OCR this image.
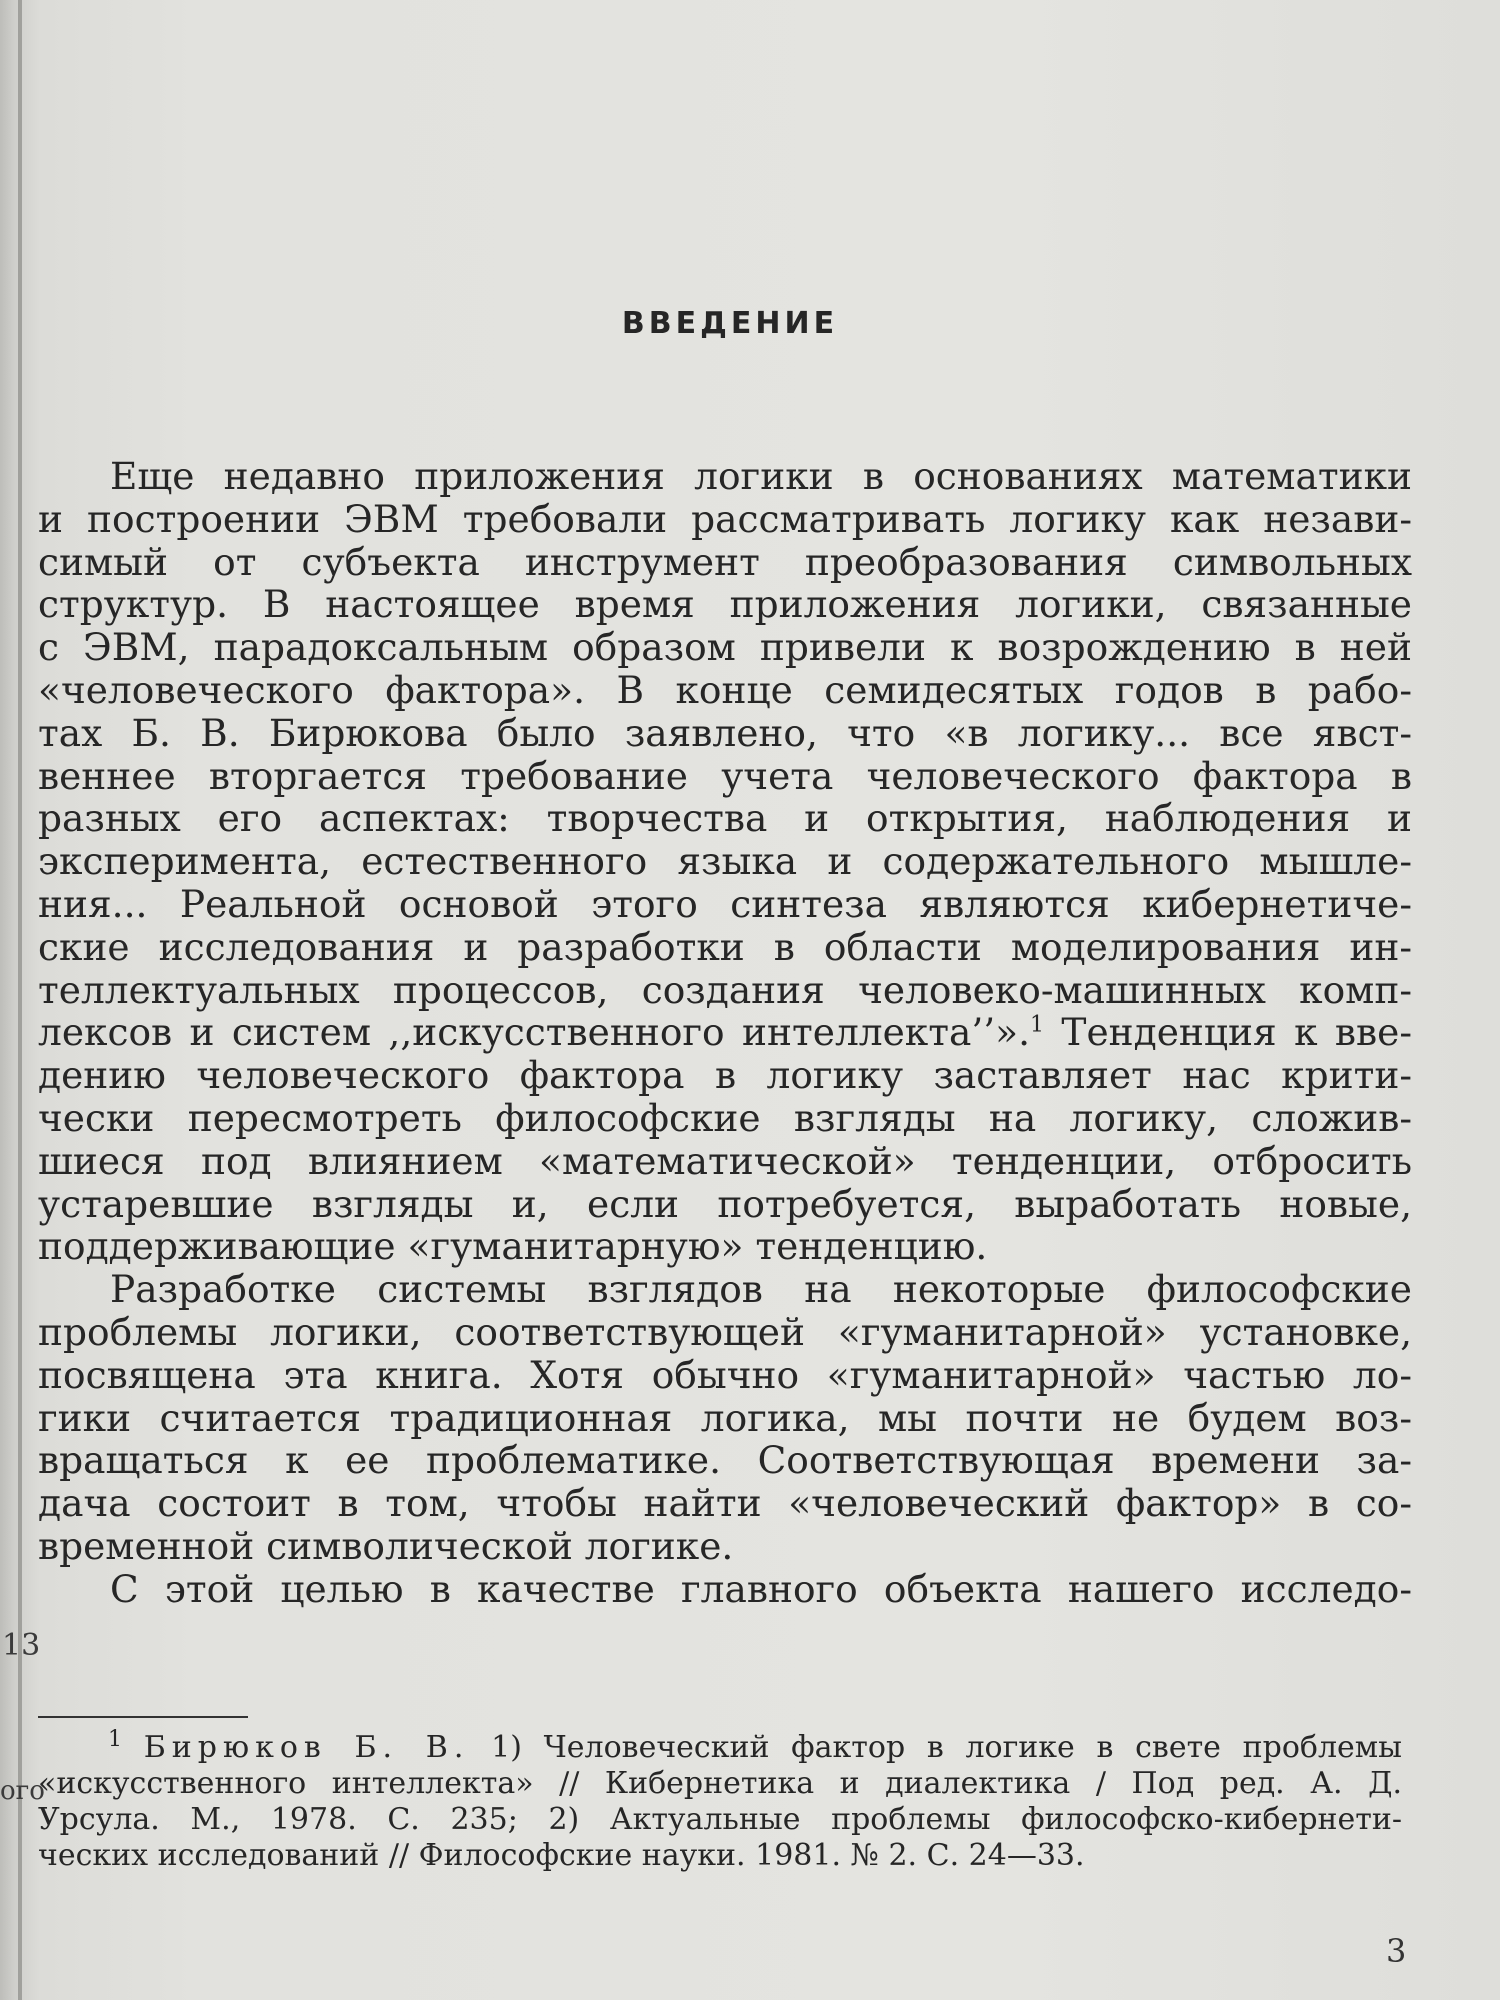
13
ого
ВВЕДЕНИЕ
Еще недавно приложения логики в основаниях математики
и построении ЭВМ требовали рассматривать логику как незави-
симый от субъекта инструмент преобразования символьных
структур. В настоящее время приложения логики, связанные
с ЭВМ, парадоксальным образом привели к возрождению в ней
«человеческого фактора». В конце семидесятых годов в рабо-
тах Б. В. Бирюкова было заявлено, что «в логику... все явст-
веннее вторгается требование учета человеческого фактора в
разных его аспектах: творчества и открытия, наблюдения и
эксперимента, естественного языка и содержательного мышле-
ния... Реальной основой этого синтеза являются кибернетиче-
ские исследования и разработки в области моделирования ин-
теллектуальных процессов, создания человеко-машинных комп-
лексов и систем ,,искусственного интеллекта’’».$^1$ Тенденция к вве-
дению человеческого фактора в логику заставляет нас крити-
чески пересмотреть философские взгляды на логику, сложив-
шиеся под влиянием «математической» тенденции, отбросить
устаревшие взгляды и, если потребуется, выработать новые,
поддерживающие «гуманитарную» тенденцию.
Разработке системы взглядов на некоторые философские
проблемы логики, соответствующей «гуманитарной» установке,
посвящена эта книга. Хотя обычно «гуманитарной» частью ло-
гики считается традиционная логика, мы почти не будем воз-
вращаться к ее проблематике. Соответствующая времени за-
дача состоит в том, чтобы найти «человеческий фактор» в со-
временной символической логике.
С этой целью в качестве главного объекта нашего исследо-
$^1$ Бирюков Б. В. 1) Человеческий фактор в логике в свете проблемы
«искусственного интеллекта» // Кибернетика и диалектика / Под ред. А. Д.
Урсула. М., 1978. С. 235; 2) Актуальные проблемы философско-кибернети-
ческих исследований // Философские науки. 1981. № 2. С. 24—33.
3
